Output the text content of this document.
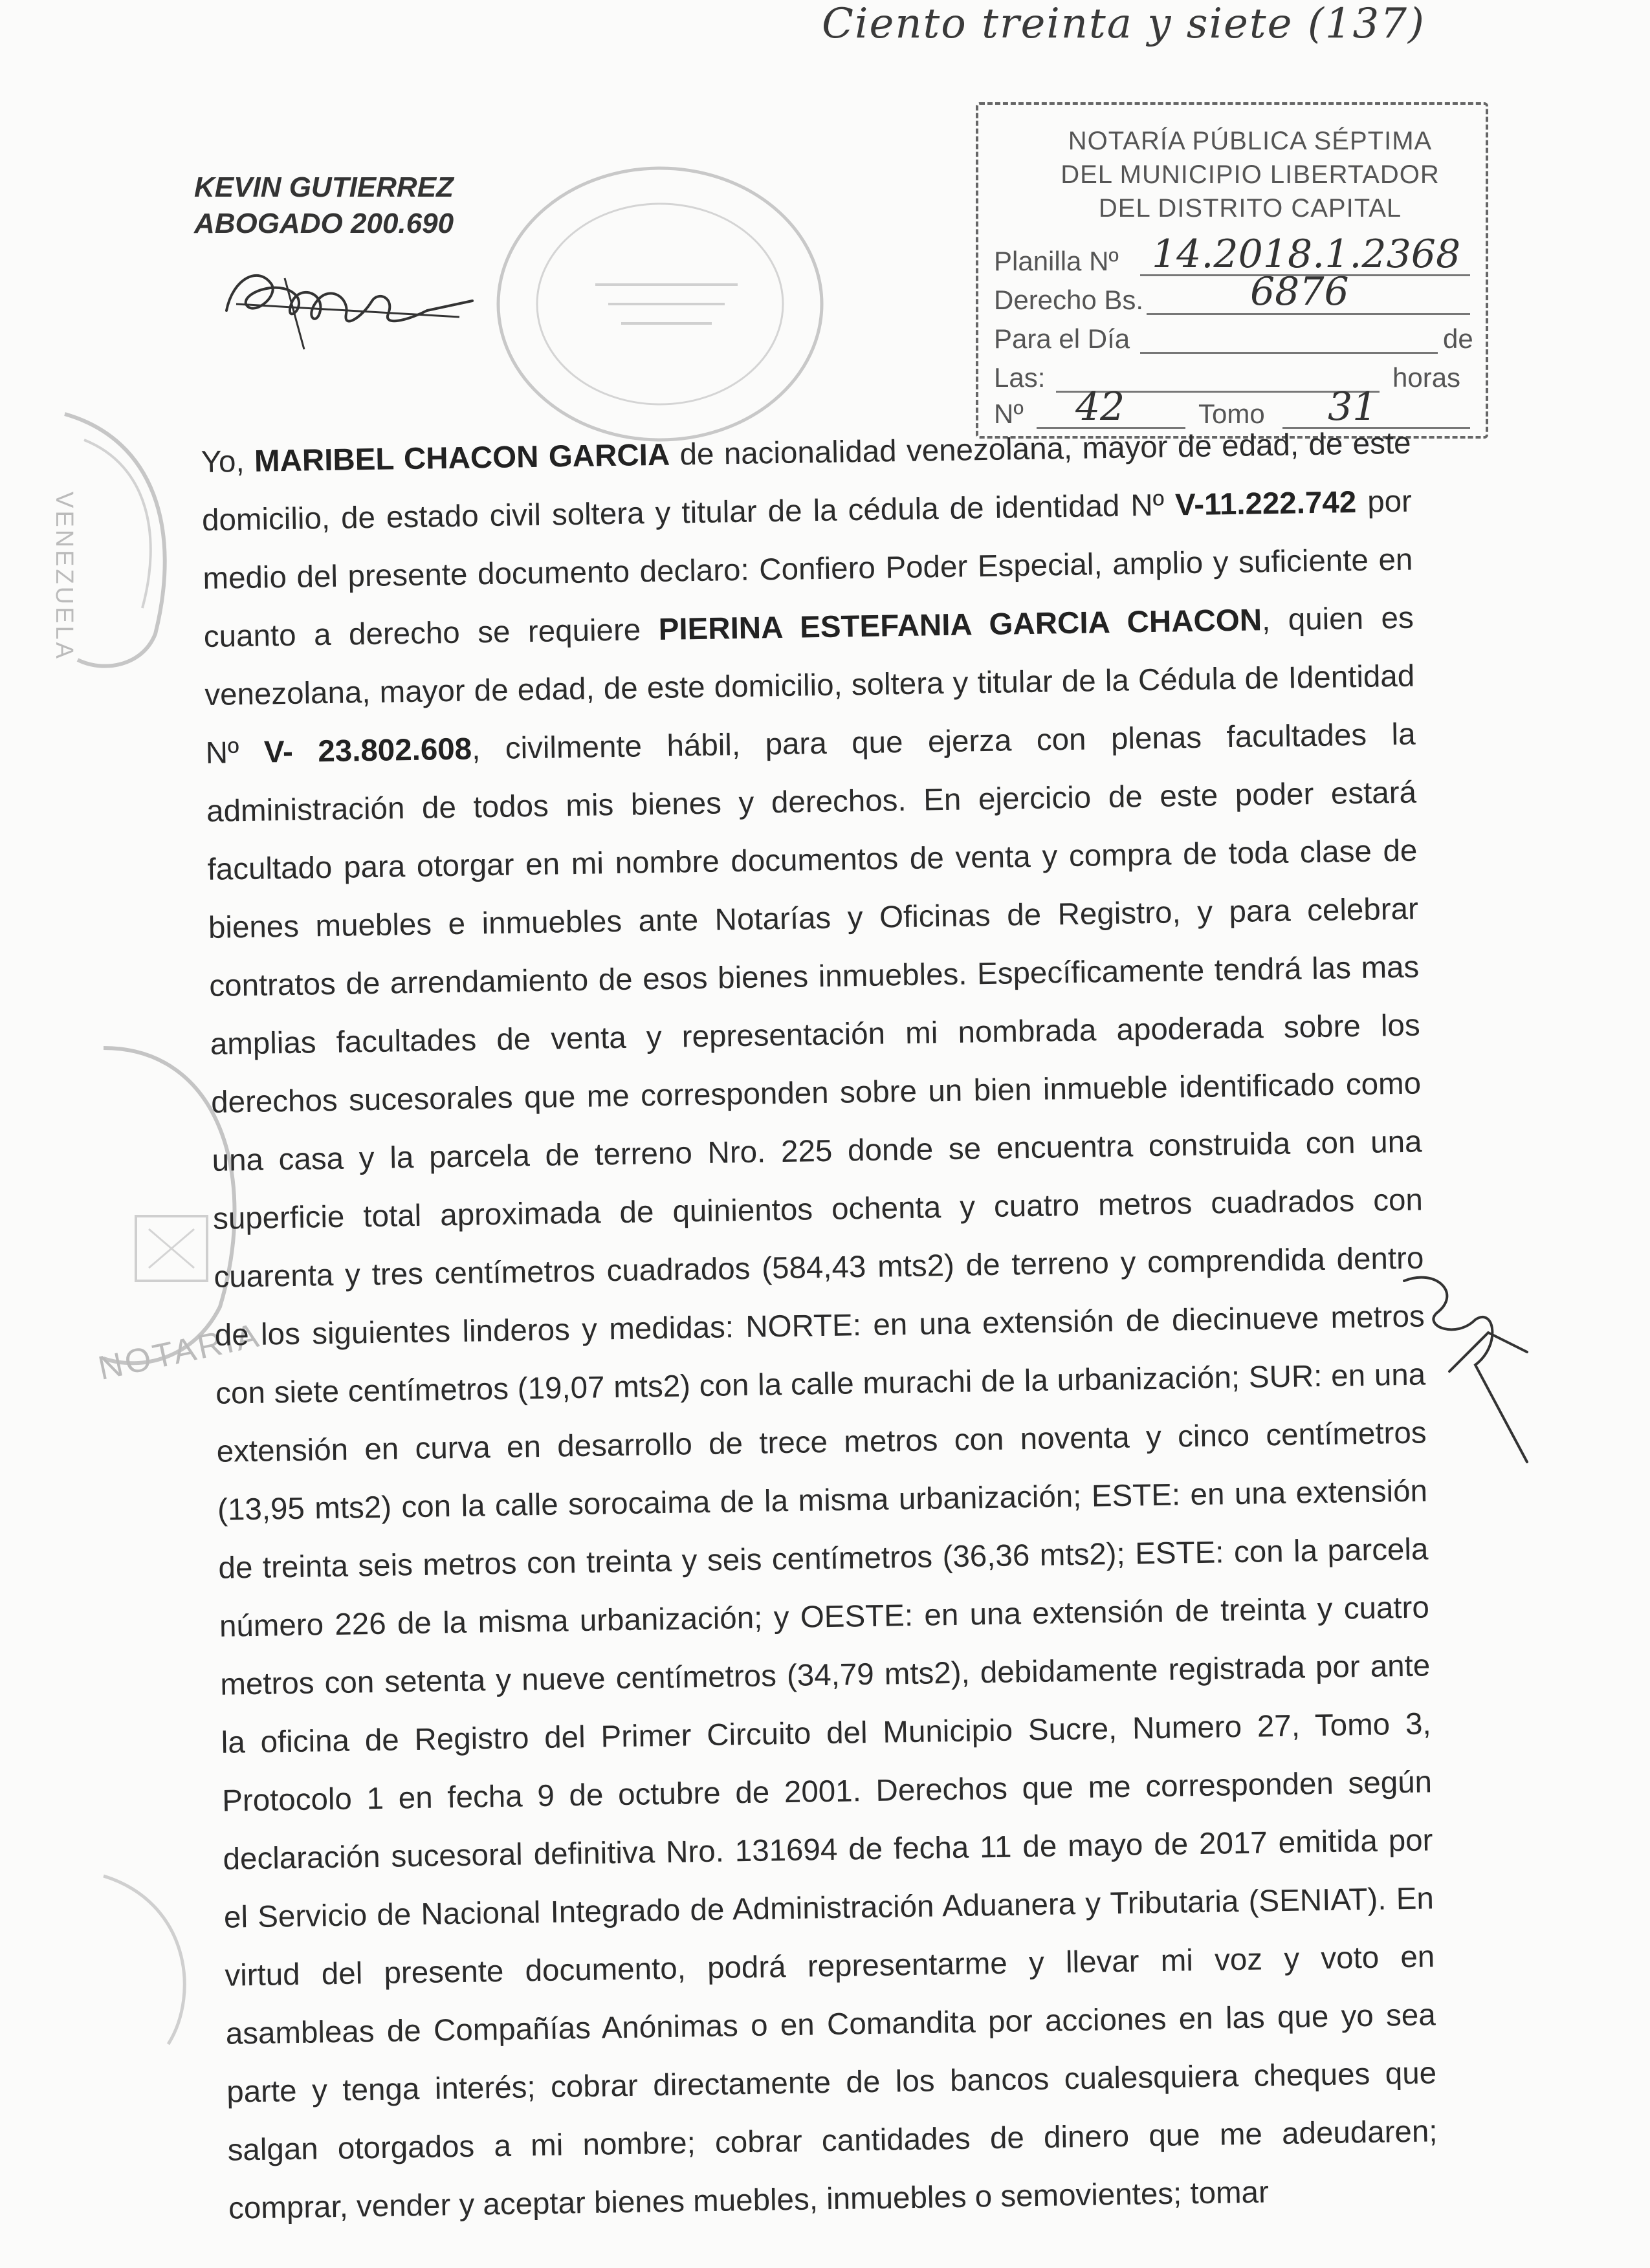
Ciento treinta y siete (137)
KEVIN GUTIERREZ
ABOGADO 200.690
NOTARÍA PÚBLICA SÉPTIMA
DEL MUNICIPIO LIBERTADOR
DEL DISTRITO CAPITAL
Planilla Nº 14.2018.1.2368
Derecho Bs.	6876
Para el Día	de
Las:	horas
Nº 42	Tomo 31
VENEZUELA
NOTARIA

Yo, MARIBEL CHACON GARCIA de nacionalidad venezolana, mayor de edad, de este domicilio, de estado civil soltera y titular de la cédula de identidad Nº V-11.222.742 por medio del presente documento declaro: Confiero Poder Especial, amplio y suficiente en cuanto a derecho se requiere PIERINA ESTEFANIA GARCIA CHACON, quien es venezolana, mayor de edad, de este domicilio, soltera y titular de la Cédula de Identidad Nº V- 23.802.608, civilmente hábil, para que ejerza con plenas facultades la administración de todos mis bienes y derechos. En ejercicio de este poder estará facultado para otorgar en mi nombre documentos de venta y compra de toda clase de bienes muebles e inmuebles ante Notarías y Oficinas de Registro, y para celebrar contratos de arrendamiento de esos bienes inmuebles. Específicamente tendrá las mas amplias facultades de venta y representación mi nombrada apoderada sobre los derechos sucesorales que me corresponden sobre un bien inmueble identificado como una casa y la parcela de terreno Nro. 225 donde se encuentra construida con una superficie total aproximada de quinientos ochenta y cuatro metros cuadrados con cuarenta y tres centímetros cuadrados (584,43 mts2) de terreno y comprendida dentro de los siguientes linderos y medidas: NORTE: en una extensión de diecinueve metros con siete centímetros (19,07 mts2) con la calle murachi de la urbanización; SUR: en una extensión en curva en desarrollo de trece metros con noventa y cinco centímetros (13,95 mts2) con la calle sorocaima de la misma urbanización; ESTE: en una extensión de treinta seis metros con treinta y seis centímetros (36,36 mts2); ESTE: con la parcela número 226 de la misma urbanización; y OESTE: en una extensión de treinta y cuatro metros con setenta y nueve centímetros (34,79 mts2), debidamente registrada por ante la oficina de Registro del Primer Circuito del Municipio Sucre, Numero 27, Tomo 3, Protocolo 1 en fecha 9 de octubre de 2001. Derechos que me corresponden según declaración sucesoral definitiva Nro. 131694 de fecha 11 de mayo de 2017 emitida por el Servicio de Nacional Integrado de Administración Aduanera y Tributaria (SENIAT). En virtud del presente documento, podrá representarme y llevar mi voz y voto en asambleas de Compañías Anónimas o en Comandita por acciones en las que yo sea parte y tenga interés; cobrar directamente de los bancos cualesquiera cheques que salgan otorgados a mi nombre; cobrar cantidades de dinero que me adeudaren; comprar, vender y aceptar bienes muebles, inmuebles o semovientes; tomar
